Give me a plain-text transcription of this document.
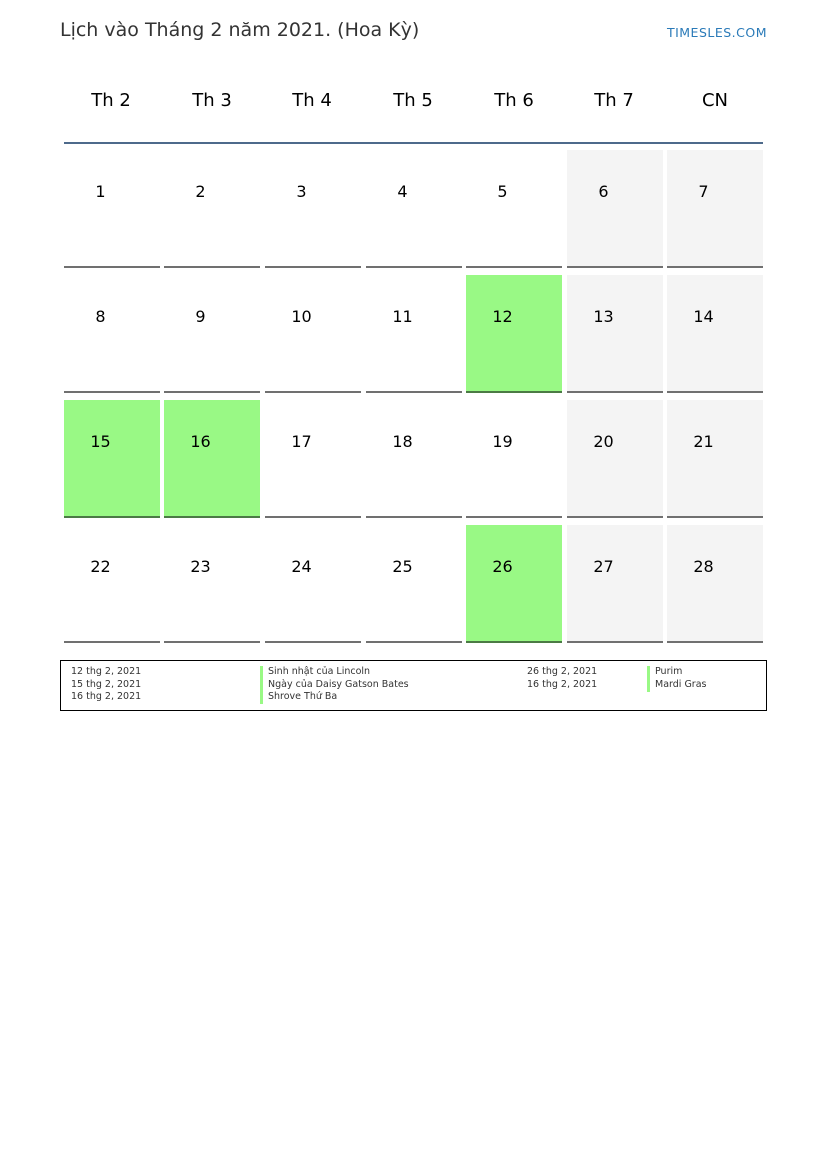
Lịch vào Tháng 2 năm 2021. (Hoa Kỳ)	TIMESLES.COM
Th 2	Th 3	Th 4	Th 5	Th 6	Th 7	CN
1	2	3	4	5	6	7
8	9	10	11	12	13	14
15	16	17	18	19	20	21
22	23	24	25	26	27	28
12 thg 2, 2021	Sinh nhật của Lincoln
15 thg 2, 2021	Ngày của Daisy Gatson Bates
16 thg 2, 2021	Shrove Thứ Ba
26 thg 2, 2021	Purim
16 thg 2, 2021	Mardi Gras
